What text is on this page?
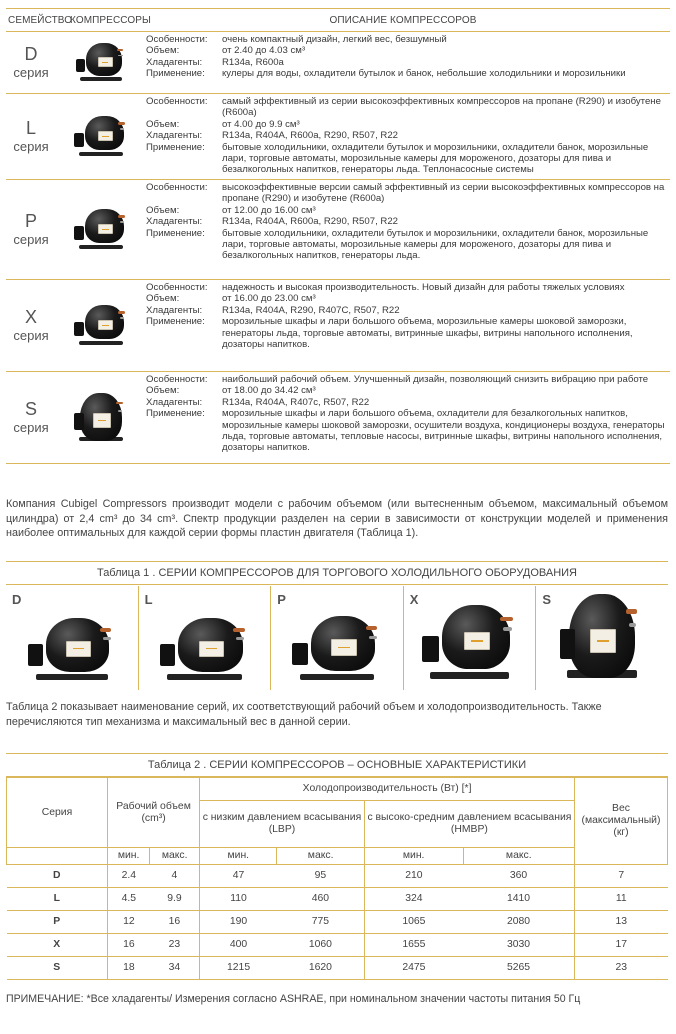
СЕМЕЙСТВО
КОМПРЕССОРЫ	ОПИСАНИЕ КОМПРЕССОРОВ
D
серия
Особенности:	очень компактный дизайн, легкий вес, безшумный
Объем:	от 2.40 до 4.03 см³
Хладагенты:	R134a, R600a
Применение:	кулеры для воды, охладители бутылок и банок, небольшие холодильники и морозильники
L
серия
Особенности:	самый эффективный из серии высокоэффективных компрессоров на пропане (R290) и изобутене (R600a)
Объем:	от 4.00 до 9.9 см³
Хладагенты:	R134a, R404A, R600a, R290, R507, R22
Применение:	бытовые холодильники, охладители бутылок и морозильники, охладители банок, морозильные лари, торговые автоматы, морозильные камеры для мороженого, дозаторы для пива и безалкогольных напитков, генераторы льда. Теплонасосные системы
P
серия
Особенности:	высокоэффективные версии самый эффективный из серии высокоэффективных компрессоров на пропане (R290) и изобутене (R600a)
Объем:	от 12.00 до 16.00 см³
Хладагенты:	R134a, R404A, R600a, R290, R507, R22
Применение:	бытовые холодильники, охладители бутылок и морозильники, охладители банок, морозильные лари, торговые автоматы, морозильные камеры для мороженого, дозаторы для пива и безалкогольных напитков, генераторы льда.
X
серия
Особенности:	надежность и высокая производительность. Новый дизайн для работы тяжелых условиях
Объем:	от 16.00 до 23.00 см³
Хладагенты:	R134a, R404A, R290, R407C, R507, R22
Применение:	морозильные шкафы и лари большого объема, морозильные камеры шоковой заморозки, генераторы льда, торговые автоматы, витринные шкафы, витрины напольного исполнения, дозаторы напитков.
S
серия
Особенности:	наибольший рабочий объем. Улучшенный дизайн, позволяющий снизить вибрацию при работе
Объем:	от 18.00 до 34.42 см³
Хладагенты:	R134a, R404A, R407c, R507, R22
Применение:	морозильные шкафы и лари большого объема, охладители для безалкогольных напитков, морозильные камеры шоковой заморозки, осушители воздуха, кондиционеры воздуха, генераторы льда, торговые автоматы, тепловые насосы, витринные шкафы, витрины напольного исполнения, дозаторы напитков.

Компания Cubigel Compressors производит модели с рабочим объемом (или вытесненным объемом, максимальный объемом цилиндра) от 2,4 cm³ до 34 cm³. Спектр продукции разделен на серии в зависимости от конструкции моделей и применения наиболее оптимальных для каждой серии формы пластин двигателя (Таблица 1).

Таблица 1 . СЕРИИ КОМПРЕССОРОВ ДЛЯ ТОРГОВОГО ХОЛОДИЛЬНОГО ОБОРУДОВАНИЯ
D	L	P	X	S

Таблица 2 показывает наименование серий, их соответствующий рабочий объем и холодопроизводительность. Также перечисляются тип механизма и максимальный вес в данной серии.

Таблица 2 . СЕРИИ КОМПРЕССОРОВ – ОСНОВНЫЕ ХАРАКТЕРИСТИКИ
Серия	Рабочий объем (cm³)		Холодопроизводительность (Вт) [*]				Вес (максимальный) (кг)
			с низким давлением всасывания (LBP)		с высоко-средним давлением всасывания (HMBP)		
	мин.	макс.	мин.	макс.	мин.	макс.	
D	2.4	4	47	95	210	360	7
L	4.5	9.9	110	460	324	1410	11
P	12	16	190	775	1065	2080	13
X	16	23	400	1060	1655	3030	17
S	18	34	1215	1620	2475	5265	23

ПРИМЕЧАНИЕ: *Все хладагенты/ Измерения согласно ASHRAE, при номинальном значении частоты питания 50 Гц
